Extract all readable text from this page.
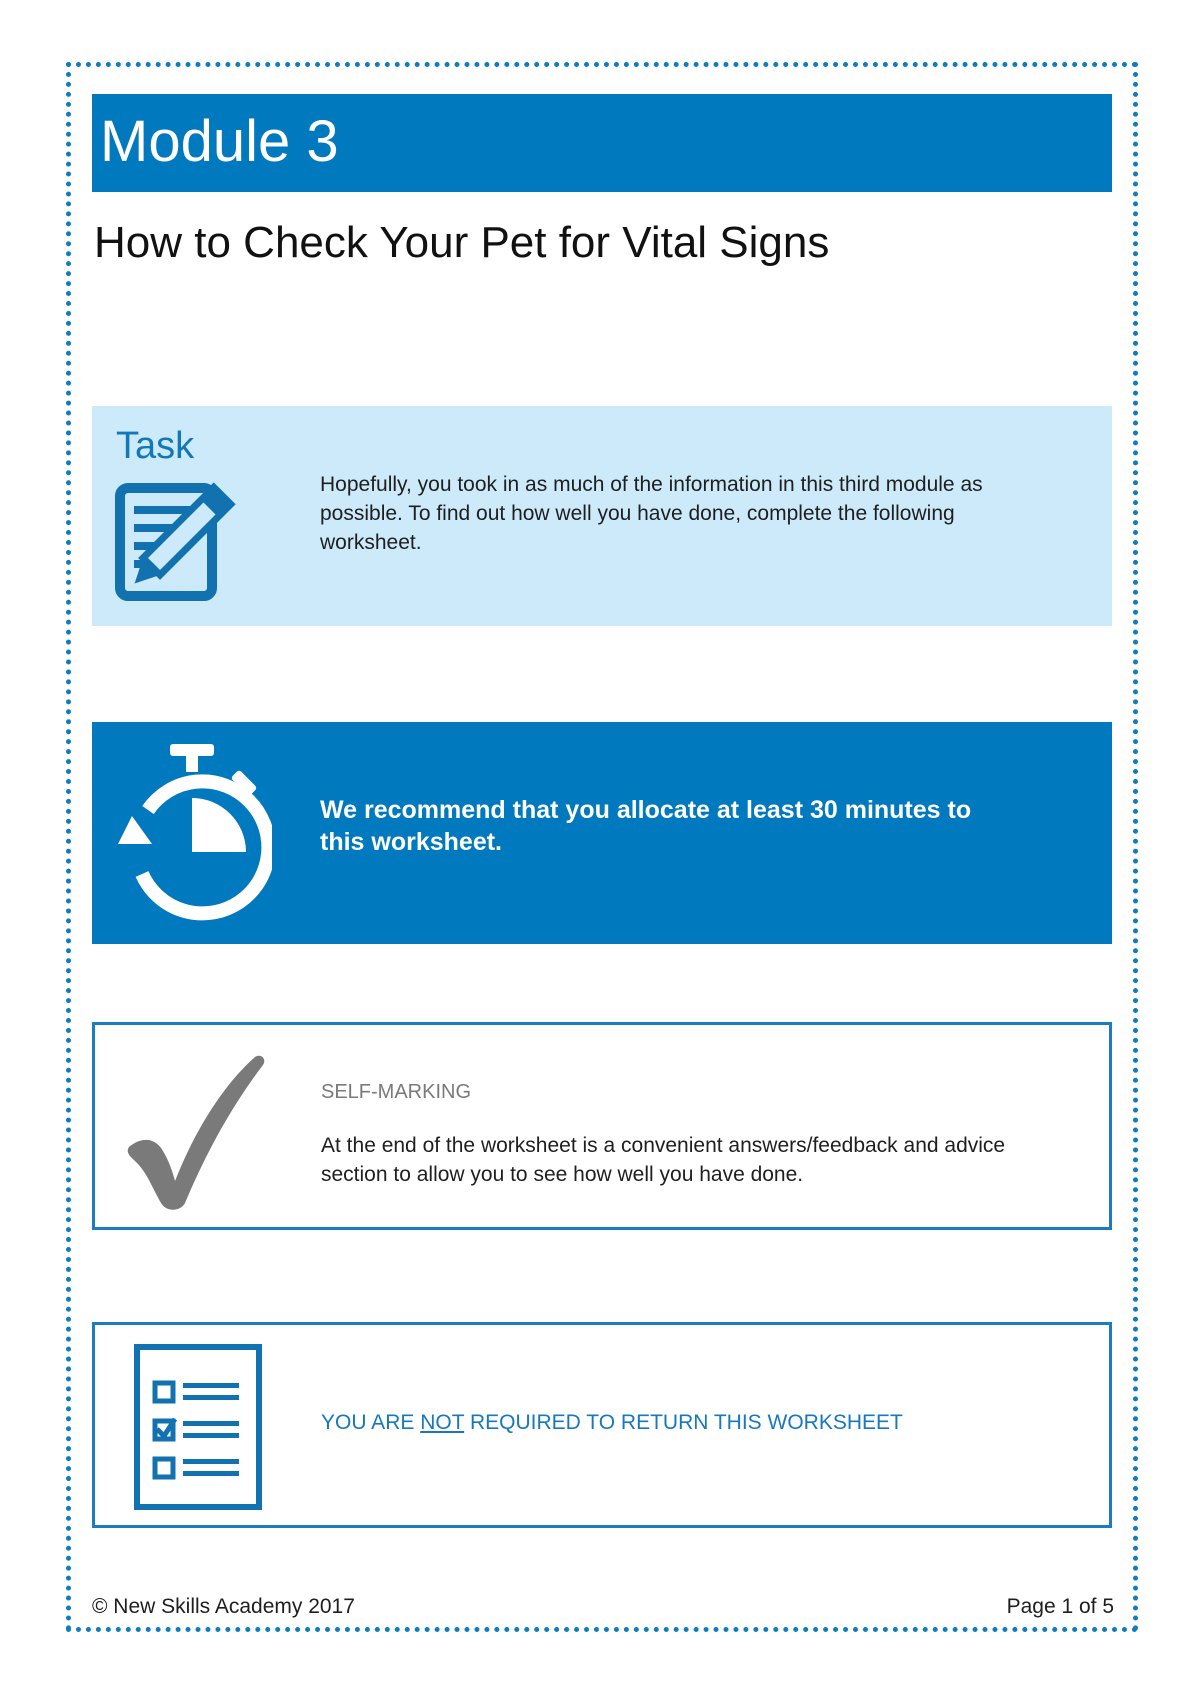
Module 3
How to Check Your Pet for Vital Signs
Task
Hopefully, you took in as much of the information in this third module as possible. To find out how well you have done, complete the following worksheet.
We recommend that you allocate at least 30 minutes to this worksheet.
SELF-MARKING
At the end of the worksheet is a convenient answers/feedback and advice section to allow you to see how well you have done.
YOU ARE NOT REQUIRED TO RETURN THIS WORKSHEET
© New Skills Academy 2017	Page 1 of 5
